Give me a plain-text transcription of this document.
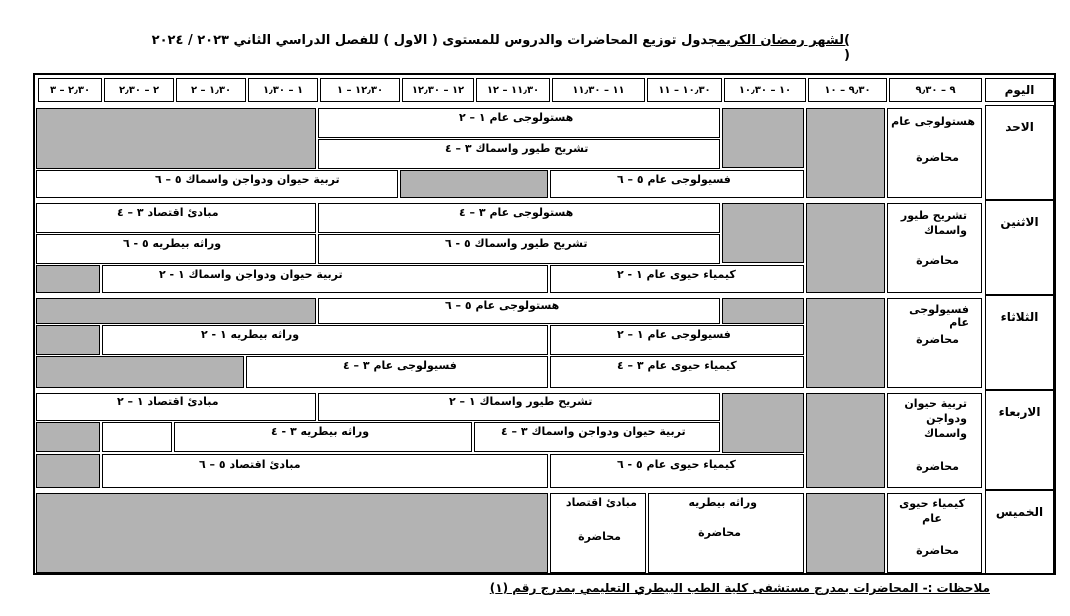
)لشهر رمضان الكريمجدول توزيع المحاضرات والدروس للمستوى ( الاول ) للفصل الدراسي الثاني ٢٠٢٣ / ٢٠٢٤ (
اليوم
٩ – ٩٫٣٠
٩٫٣٠ – ١٠
١٠ – ١٠٫٣٠
١٠٫٣٠ – ١١
١١ – ١١٫٣٠
١١٫٣٠ – ١٢
١٢ – ١٢٫٣٠
١٢٫٣٠ – ١
١ – ١٫٣٠
١٫٣٠ – ٢
٢ – ٢٫٣٠
٢٫٣٠ – ٣
الاحد
الاثنين
الثلاثاء
الاربعاء
الخميس
هستولوجى عام
محاضرة
هستولوجى عام ١ – ٢
تشريح طيور واسماك ٣ – ٤
فسيولوجى عام ٥ – ٦
تربية حيوان ودواجن واسماك ٥ – ٦
تشريح طيور واسماك
محاضرة
هستولوجى عام ٣ – ٤
مبادئ اقتصاد ٣ – ٤
تشريح طيور واسماك ٥ - ٦
وراثه بيطريه ٥ - ٦
كيمياء حيوى عام ١ - ٢
تربية حيوان ودواجن واسماك ١ - ٢
فسيولوجى عام
محاضرة
هستولوجى عام ٥ – ٦
فسيولوجى عام ١ – ٢
وراثه بيطريه ١ - ٢
كيمياء حيوى عام ٣ – ٤
فسيولوجى عام ٣ – ٤
تربية حيوان ودواجن واسماك
محاضرة
تشريح طيور واسماك ١ – ٢
مبادئ اقتصاد ١ – ٢
تربية حيوان ودواجن واسماك ٣ – ٤
وراثه بيطريه ٣ - ٤
كيمياء حيوى عام ٥ - ٦
مبادئ اقتصاد ٥ – ٦
كيمياء حيوى عام
محاضرة
وراثه بيطريه
محاضرة
مبادئ اقتصاد
محاضرة
ملاحظات :- المحاضرات بمدرج مستشفى كلية الطب البيطري التعليمي بمدرج رقم (١)
